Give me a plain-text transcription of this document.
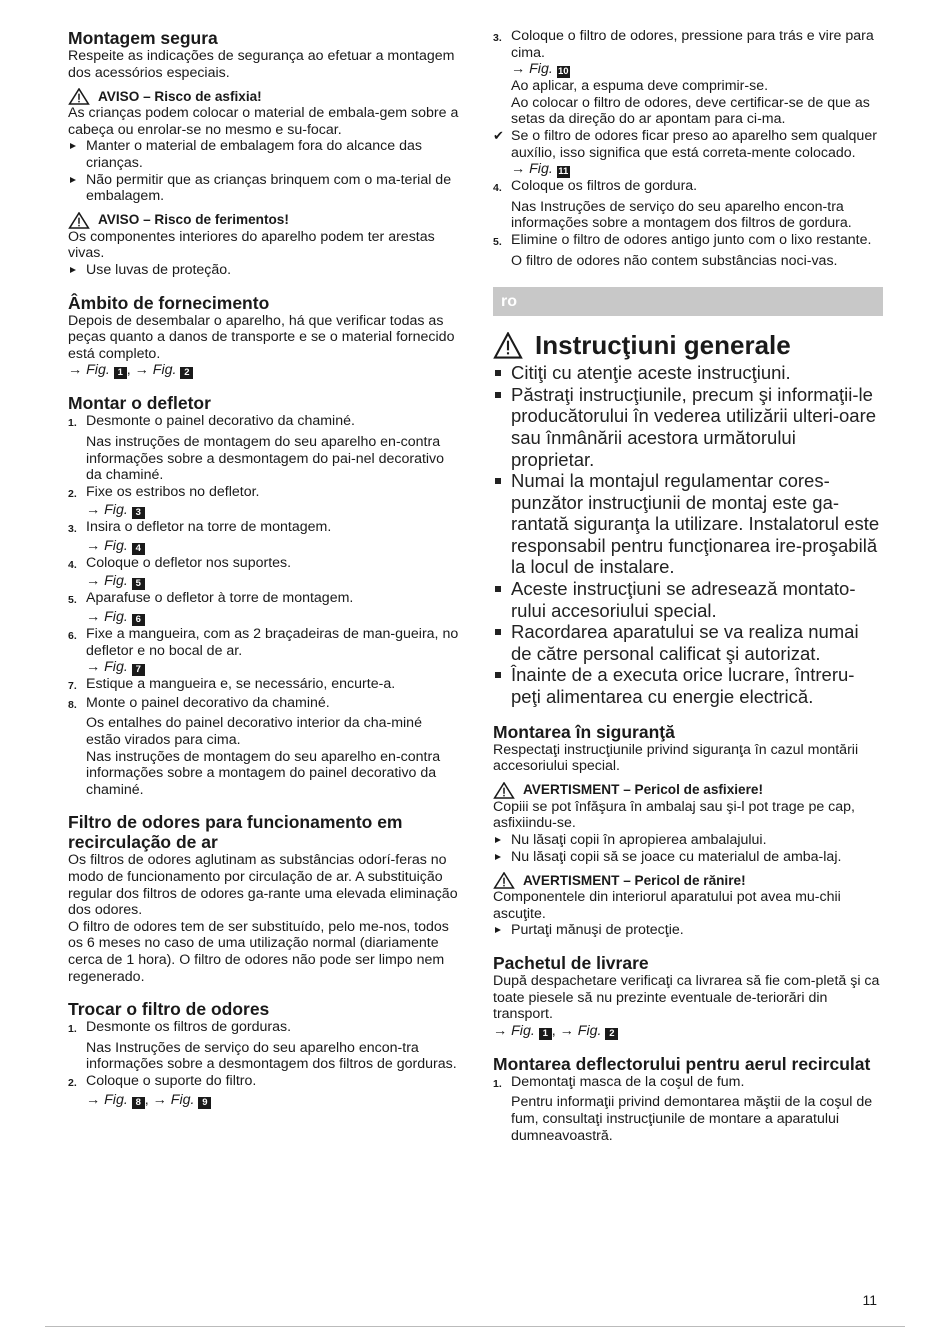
Montagem segura

Respeite as indicações de segurança ao efetuar a montagem dos acessórios especiais.

AVISO – Risco de asfixia!

As crianças podem colocar o material de embala-gem sobre a cabeça ou enrolar-se no mesmo e su-focar.

Manter o material de embalagem fora do alcance das crianças.
Não permitir que as crianças brinquem com o ma-terial de embalagem.
AVISO – Risco de ferimentos!

Os componentes interiores do aparelho podem ter arestas vivas.

Use luvas de proteção.
Âmbito de fornecimento

Depois de desembalar o aparelho, há que verificar todas as peças quanto a danos de transporte e se o material fornecido está completo.

→ Fig. 1 , → Fig. 2

Montar o defletor
1. Desmonte o painel decorativo da chaminé.
Nas instruções de montagem do seu aparelho en-contra informações sobre a desmontagem do pai-nel decorativo da chaminé.
2. Fixe os estribos no defletor.
→ Fig. 3
3. Insira o defletor na torre de montagem.
→ Fig. 4
4. Coloque o defletor nos suportes.
→ Fig. 5
5. Aparafuse o defletor à torre de montagem.
→ Fig. 6
6. Fixe a mangueira, com as 2 braçadeiras de man-gueira, no defletor e no bocal de ar.
→ Fig. 7
7. Estique a mangueira e, se necessário, encurte-a.
8. Monte o painel decorativo da chaminé.
Os entalhes do painel decorativo interior da cha-miné estão virados para cima.
Nas instruções de montagem do seu aparelho en-contra informações sobre a montagem do painel decorativo da chaminé.
Filtro de odores para funcionamento em recirculação de ar

Os filtros de odores aglutinam as substâncias odorí-feras no modo de funcionamento por circulação de ar. A substituição regular dos filtros de odores ga-rante uma elevada eliminação dos odores.

O filtro de odores tem de ser substituído, pelo me-nos, todos os 6 meses no caso de uma utilização normal (diariamente cerca de 1 hora). O filtro de odores não pode ser limpo nem regenerado.

Trocar o filtro de odores
1. Desmonte os filtros de gorduras.
Nas Instruções de serviço do seu aparelho encon-tra informações sobre a desmontagem dos filtros de gorduras.
2. Coloque o suporte do filtro.
→ Fig. 8 , → Fig. 9
3. Coloque o filtro de odores, pressione para trás e vire para cima.
→ Fig. 10
Ao aplicar, a espuma deve comprimir-se.
Ao colocar o filtro de odores, deve certificar-se de que as setas da direção do ar apontam para ci-ma.
✔ Se o filtro de odores ficar preso ao aparelho sem qualquer auxílio, isso significa que está correta-mente colocado.
→ Fig. 11
4. Coloque os filtros de gordura.
Nas Instruções de serviço do seu aparelho encon-tra informações sobre a montagem dos filtros de gordura.
5. Elimine o filtro de odores antigo junto com o lixo restante.
O filtro de odores não contem substâncias noci-vas.
ro
Instrucţiuni generale
Citiţi cu atenţie aceste instrucţiuni.
Păstraţi instrucţiunile, precum şi informaţii-le producătorului în vederea utilizării ulteri-oare sau înmânării acestora următorului proprietar.
Numai la montajul regulamentar cores-punzător instrucţiunii de montaj este ga-rantată siguranţa la utilizare. Instalatorul este responsabil pentru funcţionarea ire-proşabilă la locul de instalare.
Aceste instrucţiuni se adresează montato-rului accesoriului special.
Racordarea aparatului se va realiza numai de către personal calificat şi autorizat.
Înainte de a executa orice lucrare, întreru-peţi alimentarea cu energie electrică.
Montarea în siguranţă

Respectaţi instrucţiunile privind siguranţa în cazul montării accesoriului special.

AVERTISMENT – Pericol de asfixiere!

Copiii se pot înfăşura în ambalaj sau şi-l pot trage pe cap, asfixiindu-se.

Nu lăsaţi copii în apropierea ambalajului.
Nu lăsaţi copii să se joace cu materialul de amba-laj.
AVERTISMENT – Pericol de rănire!

Componentele din interiorul aparatului pot avea mu-chii ascuţite.

Purtaţi mănuşi de protecţie.
Pachetul de livrare

După despachetare verificaţi ca livrarea să fie com-pletă şi ca toate piesele să nu prezinte eventuale de-teriorări din transport.

→ Fig. 1 , → Fig. 2

Montarea deflectorului pentru aerul recirculat
1. Demontaţi masca de la coşul de fum.
Pentru informaţii privind demontarea măştii de la coşul de fum, consultaţi instrucţiunile de montare a aparatului dumneavoastră.
11
